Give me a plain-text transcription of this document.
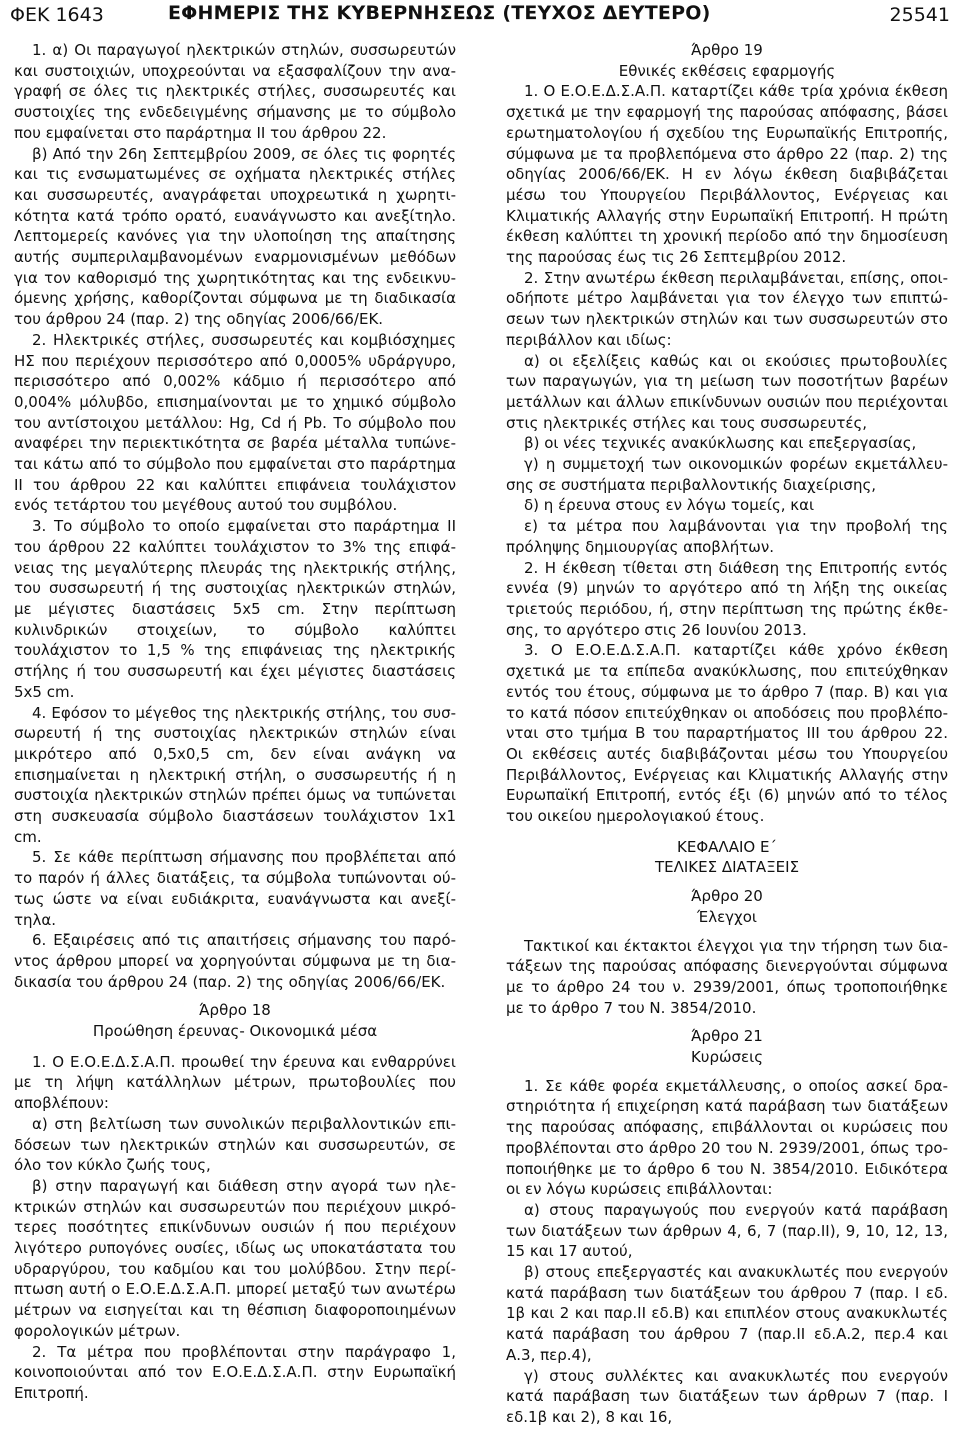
ΦΕΚ 1643	ΕΦΗΜΕΡΙΣ ΤΗΣ ΚΥΒΕΡΝΗΣΕΩΣ (ΤΕΥΧΟΣ ΔΕΥΤΕΡΟ)	25541

1. α) Οι παραγωγοί ηλεκτρικών στηλών, συσσωρευτών και συστοιχιών, υποχρεούνται να εξασφαλίζουν την αναγραφή σε όλες τις ηλεκτρικές στήλες, συσσωρευτές και συστοιχίες της ενδεδειγμένης σήμανσης με το σύμβολο που εμφαίνεται στο παράρτημα ΙΙ του άρθρου 22.

β) Από την 26η Σεπτεμβρίου 2009, σε όλες τις φορητές και τις ενσωματωμένες σε οχήματα ηλεκτρικές στήλες και συσσωρευτές, αναγράφεται υποχρεωτικά η χωρητικότητα κατά τρόπο ορατό, ευανάγνωστο και ανεξίτηλο. Λεπτομερείς κανόνες για την υλοποίηση της απαίτησης αυτής συμπεριλαμβανομένων εναρμονισμένων μεθόδων για τον καθορισμό της χωρητικότητας και της ενδεικνυόμενης χρήσης, καθορίζονται σύμφωνα με τη διαδικασία του άρθρου 24 (παρ. 2) της οδηγίας 2006/66/ΕΚ.

2. Ηλεκτρικές στήλες, συσσωρευτές και κομβιόσχημες ΗΣ που περιέχουν περισσότερο από 0,0005% υδράργυρο, περισσότερο από 0,002% κάδμιο ή περισσότερο από 0,004% μόλυβδο, επισημαίνονται με το χημικό σύμβολο του αντίστοιχου μετάλλου: Hg, Cd ή Pb. Το σύμβολο που αναφέρει την περιεκτικότητα σε βαρέα μέταλλα τυπώνεται κάτω από το σύμβολο που εμφαίνεται στο παράρτημα ΙΙ του άρθρου 22 και καλύπτει επιφάνεια τουλάχιστον ενός τετάρτου του μεγέθους αυτού του συμβόλου.

3. Το σύμβολο το οποίο εμφαίνεται στο παράρτημα ΙΙ του άρθρου 22 καλύπτει τουλάχιστον το 3% της επιφάνειας της μεγαλύτερης πλευράς της ηλεκτρικής στήλης, του συσσωρευτή ή της συστοιχίας ηλεκτρικών στηλών, με μέγιστες διαστάσεις 5x5 cm. Στην περίπτωση κυλινδρικών στοιχείων, το σύμβολο καλύπτει τουλάχιστον το 1,5 % της επιφάνειας της ηλεκτρικής στήλης ή του συσσωρευτή και έχει μέγιστες διαστάσεις 5x5 cm.

4. Εφόσον το μέγεθος της ηλεκτρικής στήλης, του συσσωρευτή ή της συστοιχίας ηλεκτρικών στηλών είναι μικρότερο από 0,5x0,5 cm, δεν είναι ανάγκη να επισημαίνεται η ηλεκτρική στήλη, ο συσσωρευτής ή η συστοιχία ηλεκτρικών στηλών πρέπει όμως να τυπώνεται στη συσκευασία σύμβολο διαστάσεων τουλάχιστον 1x1 cm.

5. Σε κάθε περίπτωση σήμανσης που προβλέπεται από το παρόν ή άλλες διατάξεις, τα σύμβολα τυπώνονται ούτως ώστε να είναι ευδιάκριτα, ευανάγνωστα και ανεξίτηλα.

6. Εξαιρέσεις από τις απαιτήσεις σήμανσης του παρόντος άρθρου μπορεί να χορηγούνται σύμφωνα με τη διαδικασία του άρθρου 24 (παρ. 2) της οδηγίας 2006/66/ΕΚ.

Άρθρο 18

Προώθηση έρευνας- Οικονομικά μέσα

1. Ο Ε.Ο.Ε.Δ.Σ.Α.Π. προωθεί την έρευνα και ενθαρρύνει με τη λήψη κατάλληλων μέτρων, πρωτοβουλίες που αποβλέπουν:

α) στη βελτίωση των συνολικών περιβαλλοντικών επιδόσεων των ηλεκτρικών στηλών και συσσωρευτών, σε όλο τον κύκλο ζωής τους,

β) στην παραγωγή και διάθεση στην αγορά των ηλεκτρικών στηλών και συσσωρευτών που περιέχουν μικρότερες ποσότητες επικίνδυνων ουσιών ή που περιέχουν λιγότερο ρυπογόνες ουσίες, ιδίως ως υποκατάστατα του υδραργύρου, του καδμίου και του μολύβδου. Στην περίπτωση αυτή ο Ε.Ο.Ε.Δ.Σ.Α.Π. μπορεί μεταξύ των ανωτέρω μέτρων να εισηγείται και τη θέσπιση διαφοροποιημένων φορολογικών μέτρων.

2. Τα μέτρα που προβλέπονται στην παράγραφο 1, κοινοποιούνται από τον Ε.Ο.Ε.Δ.Σ.Α.Π. στην Ευρωπαϊκή Επιτροπή.

Άρθρο 19

Εθνικές εκθέσεις εφαρμογής

1. Ο Ε.Ο.Ε.Δ.Σ.Α.Π. καταρτίζει κάθε τρία χρόνια έκθεση σχετικά με την εφαρμογή της παρούσας απόφασης, βάσει ερωτηματολογίου ή σχεδίου της Ευρωπαϊκής Επιτροπής, σύμφωνα με τα προβλεπόμενα στο άρθρο 22 (παρ. 2) της οδηγίας 2006/66/ΕΚ. Η εν λόγω έκθεση διαβιβάζεται μέσω του Υπουργείου Περιβάλλοντος, Ενέργειας και Κλιματικής Αλλαγής στην Ευρωπαϊκή Επιτροπή. Η πρώτη έκθεση καλύπτει τη χρονική περίοδο από την δημοσίευση της παρούσας έως τις 26 Σεπτεμβρίου 2012.

2. Στην ανωτέρω έκθεση περιλαμβάνεται, επίσης, οποιοδήποτε μέτρο λαμβάνεται για τον έλεγχο των επιπτώσεων των ηλεκτρικών στηλών και των συσσωρευτών στο περιβάλλον και ιδίως:

α) οι εξελίξεις καθώς και οι εκούσιες πρωτοβουλίες των παραγωγών, για τη μείωση των ποσοτήτων βαρέων μετάλλων και άλλων επικίνδυνων ουσιών που περιέχονται στις ηλεκτρικές στήλες και τους συσσωρευτές,

β) οι νέες τεχνικές ανακύκλωσης και επεξεργασίας,

γ) η συμμετοχή των οικονομικών φορέων εκμετάλλευσης σε συστήματα περιβαλλοντικής διαχείρισης,

δ) η έρευνα στους εν λόγω τομείς, και

ε) τα μέτρα που λαμβάνονται για την προβολή της πρόληψης δημιουργίας αποβλήτων.

2. Η έκθεση τίθεται στη διάθεση της Επιτροπής εντός εννέα (9) μηνών το αργότερο από τη λήξη της οικείας τριετούς περιόδου, ή, στην περίπτωση της πρώτης έκθεσης, το αργότερο στις 26 Ιουνίου 2013.

3. Ο Ε.Ο.Ε.Δ.Σ.Α.Π. καταρτίζει κάθε χρόνο έκθεση σχετικά με τα επίπεδα ανακύκλωσης, που επιτεύχθηκαν εντός του έτους, σύμφωνα με το άρθρο 7 (παρ. Β) και για το κατά πόσον επιτεύχθηκαν οι αποδόσεις που προβλέπονται στο τμήμα Β του παραρτήματος ΙΙΙ του άρθρου 22. Οι εκθέσεις αυτές διαβιβάζονται μέσω του Υπουργείου Περιβάλλοντος, Ενέργειας και Κλιματικής Αλλαγής στην Ευρωπαϊκή Επιτροπή, εντός έξι (6) μηνών από το τέλος του οικείου ημερολογιακού έτους.

ΚΕΦΑΛΑΙΟ Ε΄

ΤΕΛΙΚΕΣ ΔΙΑΤΑΞΕΙΣ

Άρθρο 20

Έλεγχοι

Τακτικοί και έκτακτοι έλεγχοι για την τήρηση των διατάξεων της παρούσας απόφασης διενεργούνται σύμφωνα με το άρθρο 24 του ν. 2939/2001, όπως τροποποιήθηκε με το άρθρο 7 του Ν. 3854/2010.

Άρθρο 21

Κυρώσεις

1. Σε κάθε φορέα εκμετάλλευσης, ο οποίος ασκεί δραστηριότητα ή επιχείρηση κατά παράβαση των διατάξεων της παρούσας απόφασης, επιβάλλονται οι κυρώσεις που προβλέπονται στο άρθρο 20 του Ν. 2939/2001, όπως τροποποιήθηκε με το άρθρο 6 του Ν. 3854/2010. Ειδικότερα οι εν λόγω κυρώσεις επιβάλλονται:

α) στους παραγωγούς που ενεργούν κατά παράβαση των διατάξεων των άρθρων 4, 6, 7 (παρ.ΙΙ), 9, 10, 12, 13, 15 και 17 αυτού,

β) στους επεξεργαστές και ανακυκλωτές που ενεργούν κατά παράβαση των διατάξεων του άρθρου 7 (παρ. Ι εδ. 1β και 2 και παρ.ΙΙ εδ.Β) και επιπλέον στους ανακυκλωτές κατά παράβαση του άρθρου 7 (παρ.ΙΙ εδ.Α.2, περ.4 και Α.3, περ.4),

γ) στους συλλέκτες και ανακυκλωτές που ενεργούν κατά παράβαση των διατάξεων των άρθρων 7 (παρ. Ι εδ.1β και 2), 8 και 16,
